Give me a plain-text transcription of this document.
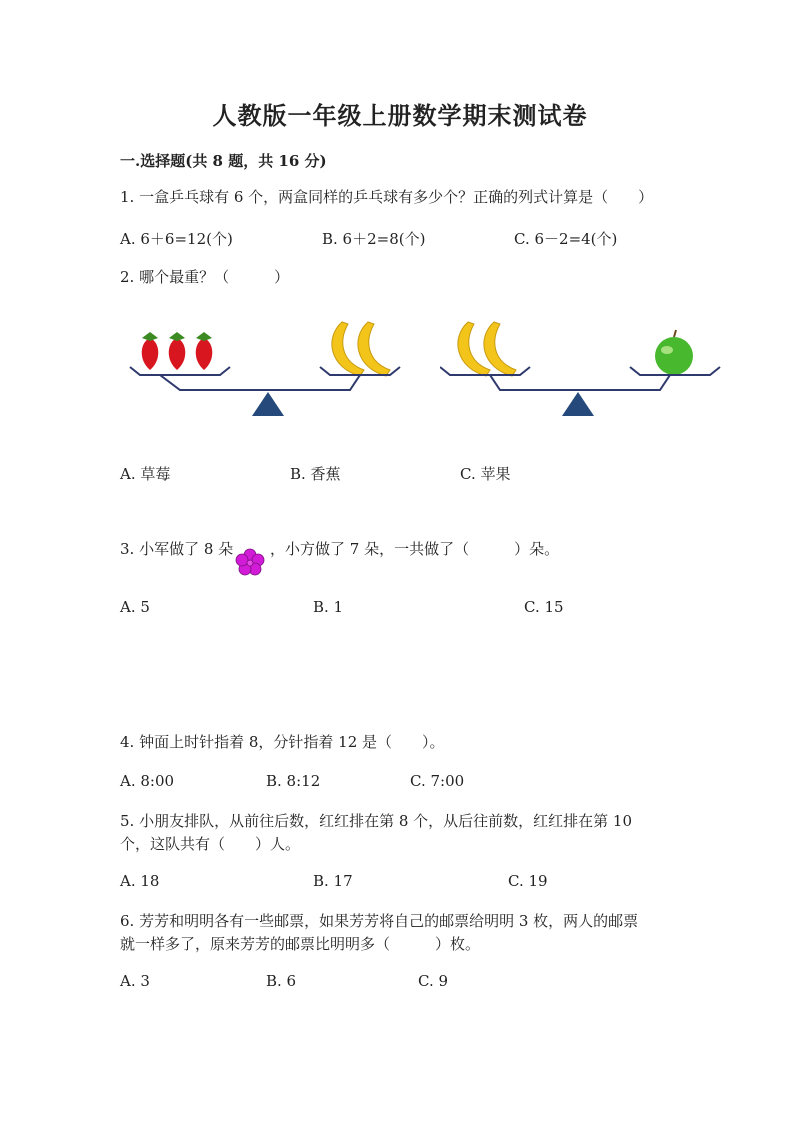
人教版一年级上册数学期末测试卷
一.选择题(共 8 题，共 16 分)
1. 一盒乒乓球有 6 个，两盒同样的乒乓球有多少个？正确的列式计算是（　　）
A. 6＋6=12(个)	B. 6＋2=8(个)	C. 6－2=4(个)
2. 哪个最重？（　　　）
A. 草莓	B. 香蕉	C. 苹果
3. 小军做了 8 朵 ，小方做了 7 朵，一共做了（　　　）朵。
A. 5	B. 1	C. 15
4. 钟面上时针指着 8，分针指着 12 是（　　）。
A. 8:00	B. 8:12	C. 7:00
5. 小朋友排队，从前往后数，红红排在第 8 个，从后往前数，红红排在第 10
个，这队共有（　　）人。
A. 18	B. 17	C. 19
6. 芳芳和明明各有一些邮票，如果芳芳将自己的邮票给明明 3 枚，两人的邮票
就一样多了，原来芳芳的邮票比明明多（　　　）枚。
A. 3	B. 6	C. 9
